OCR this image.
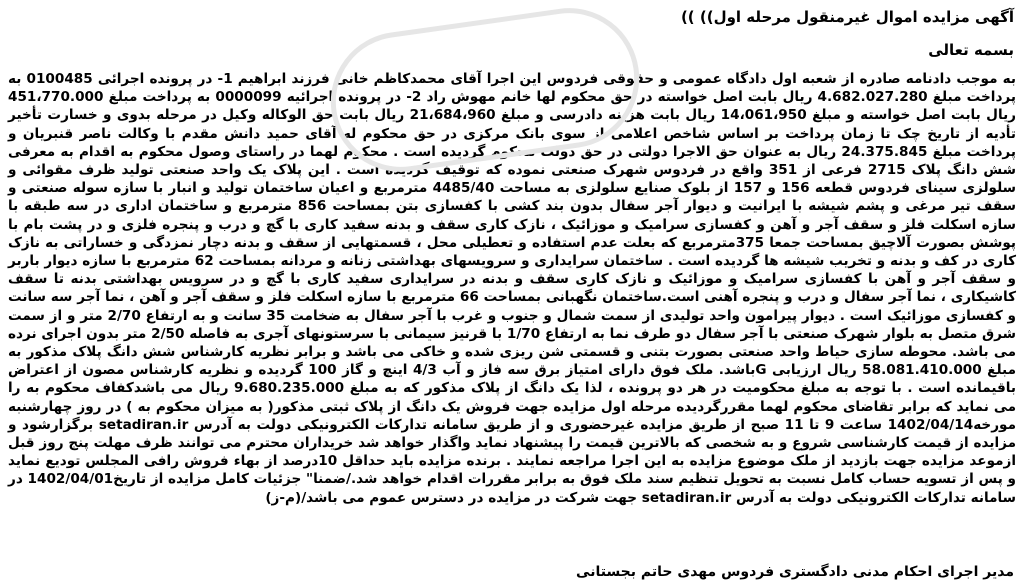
آگهی مزایده اموال غیرمنقول مرحله اول)) ))
بسمه تعالی

به موجب دادنامه صادره از شعبه اول دادگاه عمومی و حقوقی فردوس این اجرا آقای محمدکاظم خانی فرزند ابراهیم 1- در پرونده اجرائی 0100485 به پرداخت مبلغ 4.682.027.280 ریال بابت اصل خواسته در حق محکوم لها خانم مهوش راد 2- در پرونده اجرائیه 0000099 به پرداخت مبلغ 451،770.000 ریال بابت اصل خواسته و مبلغ 14،061،950 ریال بابت هزینه دادرسی و مبلغ 21،684،960 ریال بابت حق الوکاله وکیل در مرحله بدوی و خسارت تأخیر تأدیه از تاریخ چک تا زمان پرداخت بر اساس شاخص اعلامی از سوی بانک مرکزی در حق محکوم له آقای حمید دانش مقدم با وکالت ناصر قنبریان و پرداخت مبلغ 24.375.845 ریال به عنوان حق الاجرا دولتی در حق دولت محکوم گردیده است . محکوم لهما در راستای وصول محکوم به اقدام به معرفی شش دانگ پلاک 2715 فرعی از 351 واقع در فردوس شهرک صنعتی نموده که توقیف گردیده است . این پلاک یک واحد صنعتی تولید ظرف مقوائی و سلولزی سینای فردوس قطعه 156 و 157 از بلوک صنایع سلولزی به مساحت 4485/40 مترمربع و اعیان ساختمان تولید و انبار با سازه سوله صنعتی و سقف تیر مرغی و پشم شیشه با ایرانیت و دیوار آجر سفال بدون بند کشی با کفسازی بتن بمساحت 856 مترمربع و ساختمان اداری در سه طبقه با سازه اسکلت فلز و سقف آجر و آهن و کفسازی سرامیک و موزائیک ، نازک کاری سقف و بدنه سفید کاری با گچ و درب و پنجره فلزی و در پشت بام با پوشش بصورت آلاچیق بمساحت جمعا 375مترمربع که بعلت عدم استفاده و تعطیلی محل ، قسمتهایی از سقف و بدنه دچار نمزدگی و خساراتی به نازک کاری در کف و بدنه و تخریب شیشه ها گردیده است . ساختمان سرایداری و سرویسهای بهداشتی زنانه و مردانه بمساحت 62 مترمربع با سازه دیوار باربر و سقف آجر و آهن با کفسازی سرامیک و موزائیک و نازک کاری سقف و بدنه در سرایداری سفید کاری با گچ و در سرویس بهداشتی بدنه تا سقف کاشیکاری ، نما آجر سفال و درب و پنجره آهنی است.ساختمان نگهبانی بمساحت 66 مترمربع با سازه اسکلت فلز و سقف آجر و آهن ، نما آجر سه سانت و کفسازی موزائیک است . دیوار پیرامون واحد تولیدی از سمت شمال و جنوب و غرب با آجر سفال به ضخامت 35 سانت و به ارتفاع 2/70 متر و از سمت شرق متصل به بلوار شهرک صنعتی با آجر سفال دو طرف نما به ارتفاع 1/70 با قرنیز سیمانی با سرستونهای آجری به فاصله 2/50 متر بدون اجرای نرده می باشد. محوطه سازی حیاط واحد صنعتی بصورت بتنی و قسمتی شن ریزی شده و خاکی می باشد و برابر نظریه کارشناس شش دانگ پلاک مذکور به مبلغ 58.081.410.000 ریال ارزیابی Gباشد. ملک فوق دارای امتیاز برق سه فاز و آب 4/3 اینچ و گاز 100 گردیده و نظریه کارشناس مصون از اعتراض باقیمانده است . با توجه به مبلغ محکومیت در هر دو پرونده ، لذا یک دانگ از پلاک مذکور که به مبلغ 9.680.235.000 ریال می باشدکفاف محکوم به را می نماید که برابر تقاضای محکوم لهما مقررگردیده مرحله اول مزایده جهت فروش یک دانگ از پلاک ثبتی مذکور( به میزان محکوم به ) در روز چهارشنبه مورخه1402/04/14 ساعت 9 تا 11 صبح از طریق مزایده غیرحضوری و از طریق سامانه تدارکات الکترونیکی دولت به آدرس setadiran.ir برگزارشود و مزایده از قیمت کارشناسی شروع و به شخصی که بالاترین قیمت را پیشنهاد نماید واگذار خواهد شد خریداران محترم می توانند ظرف مهلت پنج روز قبل ازموعد مزایده جهت بازدید از ملک موضوع مزایده به این اجرا مراجعه نمایند . برنده مزایده باید حداقل 10درصد از بهاء فروش رافی المجلس تودیع نماید و پس از تسویه حساب کامل نسبت به تحویل تنظیم سند ملک فوق به برابر مقررات اقدام خواهد شد./ضمنا" جزئیات کامل مزایده از تاریخ1402/04/01 در سامانه تدارکات الکترونیکی دولت به آدرس setadiran.ir جهت شرکت در مزایده در دسترس عموم می باشد/(م-ز)

مدیر اجرای احکام مدنی دادگستری فردوس مهدی حاتم بجستانی
